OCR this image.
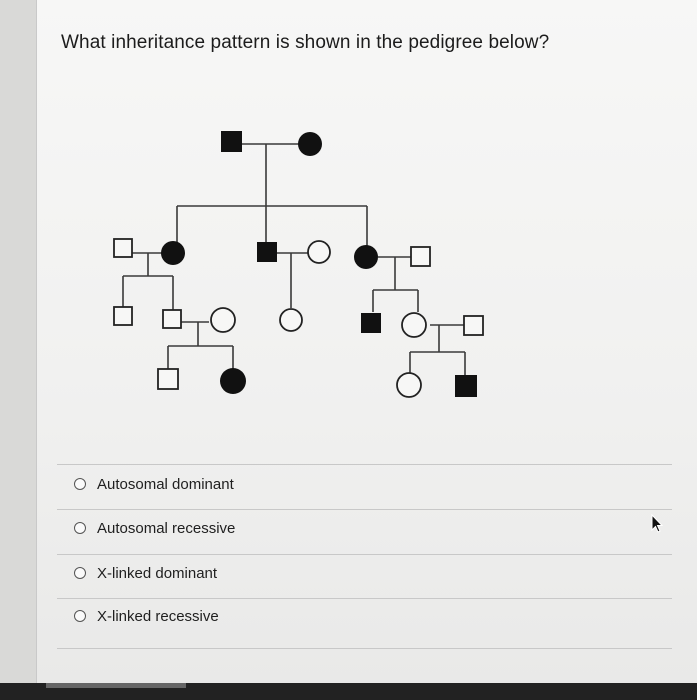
What inheritance pattern is shown in the pedigree below?
Autosomal dominant
Autosomal recessive
X-linked dominant
X-linked recessive
